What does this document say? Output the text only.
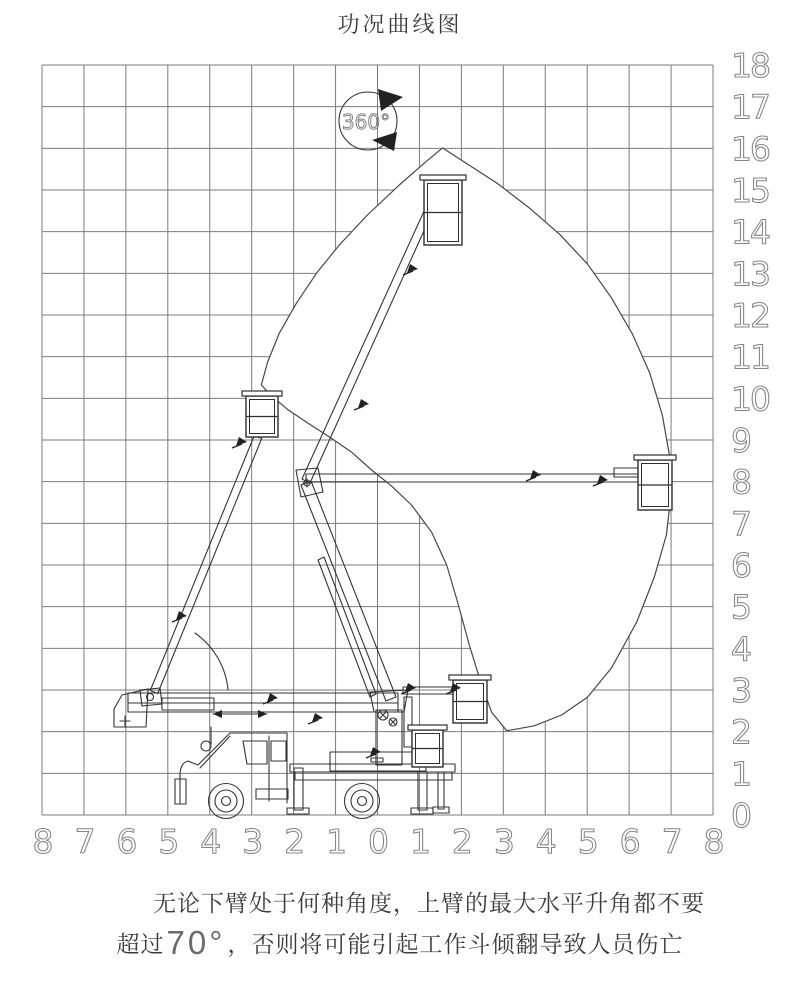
功况曲线图
360°
18
17
16
15
14
13
12
11
10
9
8
7
6
5
4
3
2
1
0
8 7 6 5 4 3 2 1 0 1 2 3 4 5 6 7 8
无论下臂处于何种角度，上臂的最大水平升角都不要
超过70°，否则将可能引起工作斗倾翻导致人员伤亡
